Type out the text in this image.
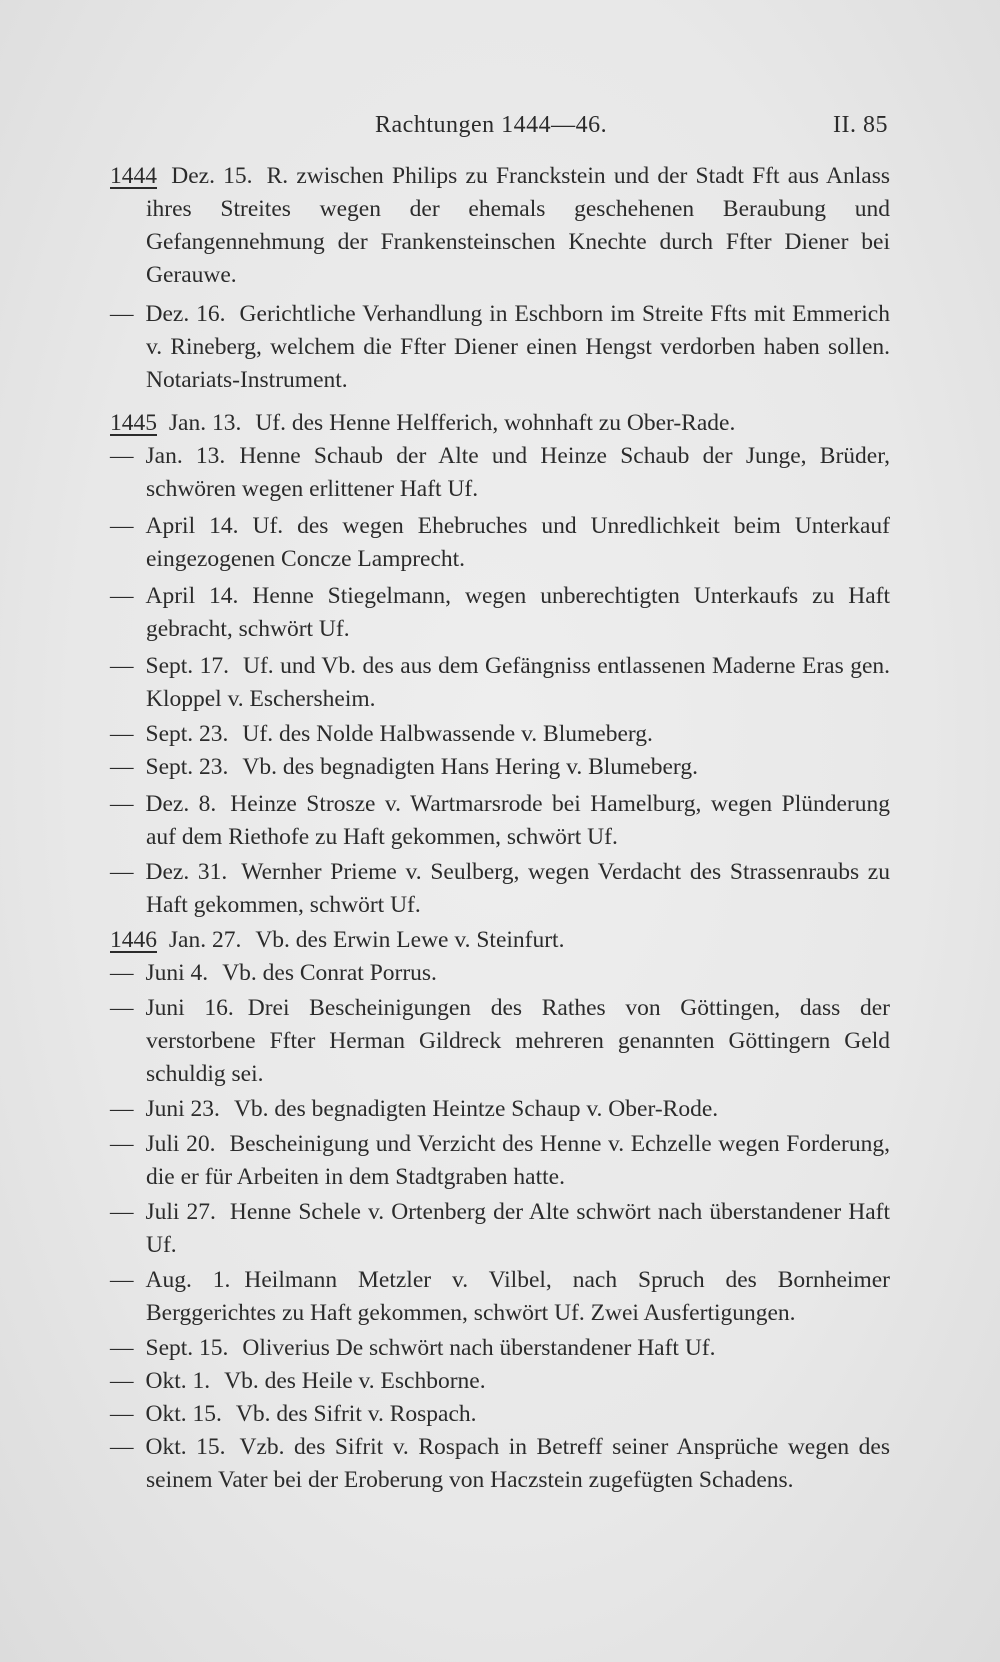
Rachtungen 1444—46.	II. 85

1444 Dez. 15. R. zwischen Philips zu Franckstein und der Stadt Fft aus Anlass ihres Streites wegen der ehemals geschehenen Beraubung und Gefangennehmung der Frankensteinschen Knechte durch Ffter Diener bei Gerauwe.

— Dez. 16. Gerichtliche Verhandlung in Eschborn im Streite Ffts mit Emmerich v. Rineberg, welchem die Ffter Diener einen Hengst verdorben haben sollen. Notariats-Instrument.

1445 Jan. 13. Uf. des Henne Helfferich, wohnhaft zu Ober-Rade.

— Jan. 13. Henne Schaub der Alte und Heinze Schaub der Junge, Brüder, schwören wegen erlittener Haft Uf.

— April 14. Uf. des wegen Ehebruches und Unredlichkeit beim Unterkauf eingezogenen Concze Lamprecht.

— April 14. Henne Stiegelmann, wegen unberechtigten Unterkaufs zu Haft gebracht, schwört Uf.

— Sept. 17. Uf. und Vb. des aus dem Gefängniss entlassenen Maderne Eras gen. Kloppel v. Eschersheim.

— Sept. 23. Uf. des Nolde Halbwassende v. Blumeberg.

— Sept. 23. Vb. des begnadigten Hans Hering v. Blumeberg.

— Dez. 8. Heinze Strosze v. Wartmarsrode bei Hamelburg, wegen Plünderung auf dem Riethofe zu Haft gekommen, schwört Uf.

— Dez. 31. Wernher Prieme v. Seulberg, wegen Verdacht des Strassenraubs zu Haft gekommen, schwört Uf.

1446 Jan. 27. Vb. des Erwin Lewe v. Steinfurt.

— Juni 4. Vb. des Conrat Porrus.

— Juni 16. Drei Bescheinigungen des Rathes von Göttingen, dass der verstorbene Ffter Herman Gildreck mehreren genannten Göttingern Geld schuldig sei.

— Juni 23. Vb. des begnadigten Heintze Schaup v. Ober-Rode.

— Juli 20. Bescheinigung und Verzicht des Henne v. Echzelle wegen Forderung, die er für Arbeiten in dem Stadtgraben hatte.

— Juli 27. Henne Schele v. Ortenberg der Alte schwört nach überstandener Haft Uf.

— Aug. 1. Heilmann Metzler v. Vilbel, nach Spruch des Bornheimer Berggerichtes zu Haft gekommen, schwört Uf. Zwei Ausfertigungen.

— Sept. 15. Oliverius De schwört nach überstandener Haft Uf.

— Okt. 1. Vb. des Heile v. Eschborne.

— Okt. 15. Vb. des Sifrit v. Rospach.

— Okt. 15. Vzb. des Sifrit v. Rospach in Betreff seiner Ansprüche wegen des seinem Vater bei der Eroberung von Haczstein zugefügten Schadens.
